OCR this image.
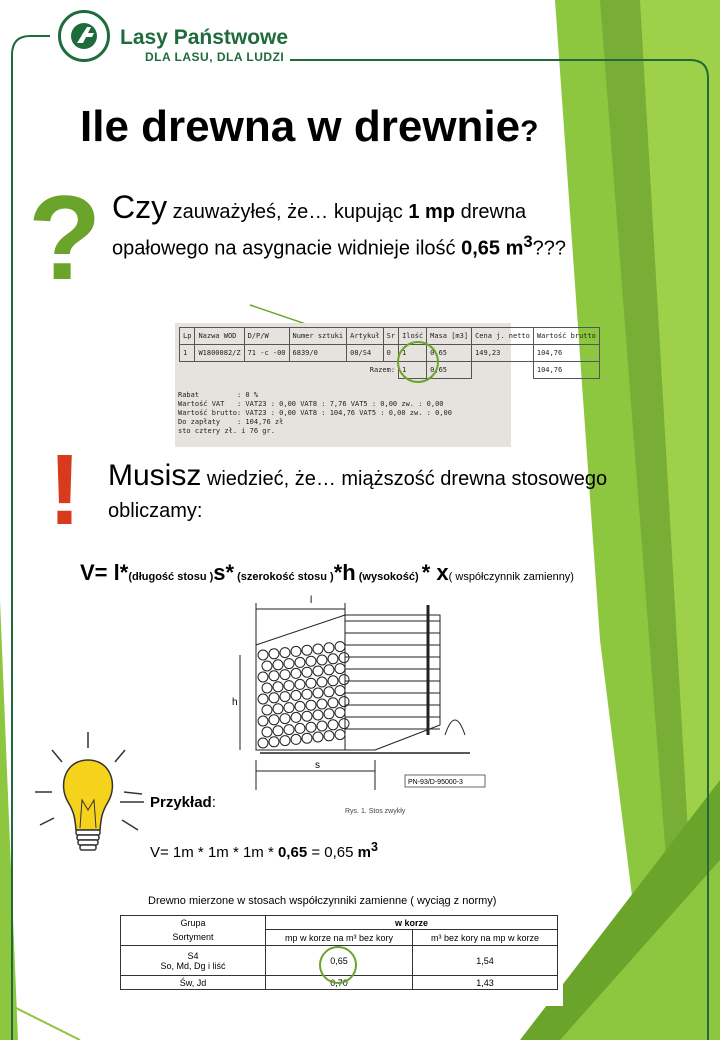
Lasy Państwowe
DLA LASU, DLA LUDZI
Ile drewna w drewnie?
? Czy zauważyłeś, że… kupując 1 mp drewna opałowego na asygnacie widnieje ilość 0,65 $m^3$???
Lp	Nazwa WOD	D/P/W	Numer sztuki	Artykuł	Sr	Ilość	Masa [m3]	Cena j. netto	Wartość brutto
1	W1800082/Z	71 -c -00	6839/0	08/S4	0	1	0,65	149,23	104,76
Razem:						1	0,65		104,76
Rabat         : 0 %
Wartość VAT   : VAT23 : 0,00 VAT8 : 7,76 VAT5 : 0,00 zw. : 0,00
Wartość brutto: VAT23 : 0,00 VAT8 : 104,76 VAT5 : 0,00 zw. : 0,00
Do zapłaty    : 104,76 zł
sto cztery zł. i 76 gr.
! Musisz wiedzieć, że… miąższość drewna stosowego obliczamy:
V= l*(długość stosu )s* (szerokość stosu )*h (wysokość) * x( współczynnik zamienny)
l
s
h
PN-93/D-95000-3
Rys. 1. Stos zwykły
Przykład:
V= 1m * 1m * 1m * 0,65 = 0,65 $m^3$
Drewno mierzone w stosach współczynniki zamienne ( wyciąg z normy)
Grupa	w korze	
Sortyment	mp w korze na m³ bez kory	m³ bez kory na mp w korze
S4
So, Md, Dg i liść	0,65	1,54
Św, Jd	0,70	1,43
